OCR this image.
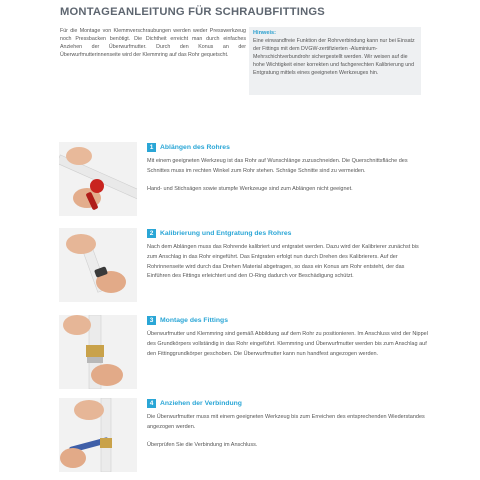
MONTAGEANLEITUNG FÜR SCHRAUBFITTINGS
Für die Montage von Klemmverschraubungen werden weder Presswerkzeug noch Pressbacken benötigt. Die Dichtheit erreicht man durch einfaches Anziehen der Überwurfmutter. Durch den Konus an der Überwurfmutterinnenseite wird der Klemmring auf das Rohr gequetscht.
Hinweis:
Eine einwandfreie Funktion der Rohrverbindung kann nur bei Einsatz der Fittings mit dem DVGW-zertifizierten -Aluminium-Mehrschichtverbundrohr sichergestellt werden. Wir weisen auf die hohe Wichtigkeit einer korrekten und fachgerechten Kalibrierung und Entgratung mittels eines geeigneten Werkzeuges hin.
1 Ablängen des Rohres

Mit einem geeigneten Werkzeug ist das Rohr auf Wunschlänge zuzuschneiden. Die Querschnittsfläche des Schnittes muss im rechten Winkel zum Rohr stehen. Schräge Schnitte sind zu vermeiden.

Hand- und Stichsägen sowie stumpfe Werkzeuge sind zum Ablängen nicht geeignet.

2 Kalibrierung und Entgratung des Rohres

Nach dem Ablängen muss das Rohrende kalibriert und entgratet werden. Dazu wird der Kalibrierer zunächst bis zum Anschlag in das Rohr eingeführt. Das Entgraten erfolgt nun durch Drehen des Kalibrierers. Auf der Rohrinnenseite wird durch das Drehen Material abgetragen, so dass ein Konus am Rohr entsteht, der das Einführen des Fittings erleichtert und den O-Ring dadurch vor Beschädigung schützt.

3 Montage des Fittings

Überwurfmutter und Klemmring sind gemäß Abbildung auf dem Rohr zu positionieren. Im Anschluss wird der Nippel des Grundkörpers vollständig in das Rohr eingeführt. Klemmring und Überwurfmutter werden bis zum Anschlag auf den Fittinggrundkörper geschoben. Die Überwurfmutter kann nun handfest angezogen werden.

4 Anziehen der Verbindung

Die Überwurfmutter muss mit einem geeigneten Werkzeug bis zum Erreichen des entsprechenden Wiederstandes angezogen werden.

Überprüfen Sie die Verbindung im Anschluss.
